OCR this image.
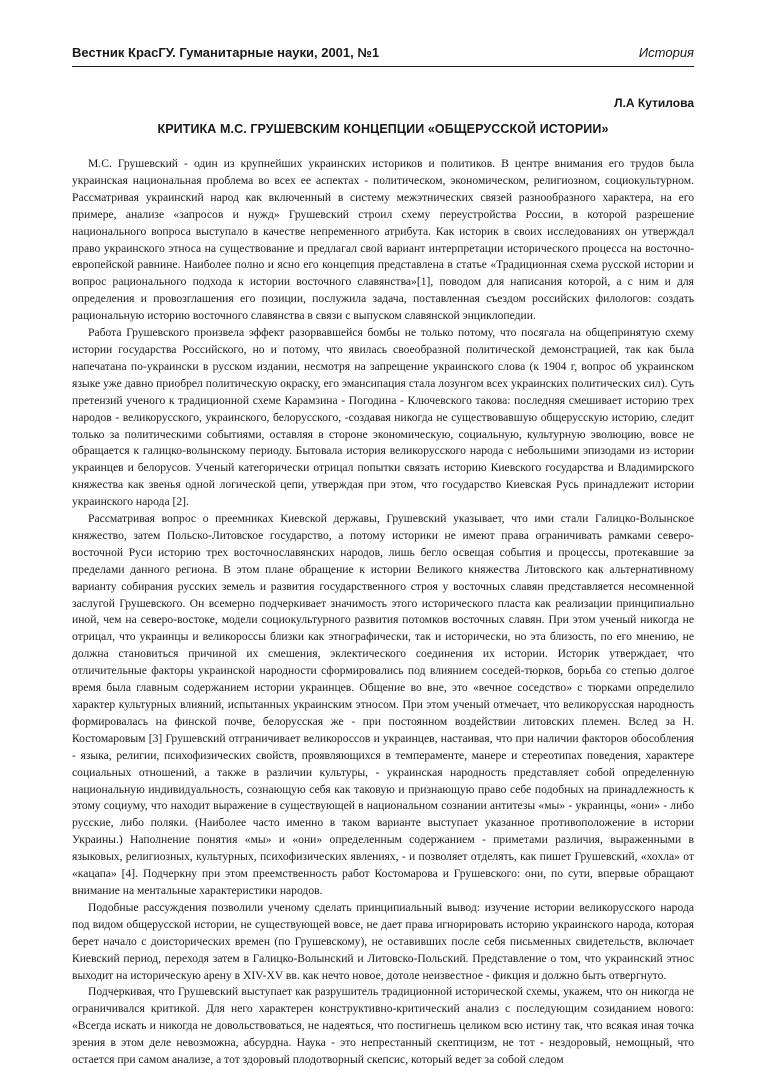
Вестник КрасГУ. Гуманитарные науки, 2001, №1	История
Л.А Кутилова
КРИТИКА М.С. ГРУШЕВСКИМ КОНЦЕПЦИИ «ОБЩЕРУССКОЙ ИСТОРИИ»

М.С. Грушевский - один из крупнейших украинских историков и политиков. В центре внимания его трудов была украинская национальная проблема во всех ее аспектах - политическом, экономическом, религиозном, социокультурном. Рассматривая украинский народ как включенный в систему межэтнических связей разнообразного характера, на его примере, анализе «запросов и нужд» Грушевский строил схему переустройства России, в которой разрешение национального вопроса выступало в качестве непременного атрибута. Как историк в своих исследованиях он утверждал право украинского этноса на существование и предлагал свой вариант интерпретации исторического процесса на восточно-европейской равнине. Наиболее полно и ясно его концепция представлена в статье «Традиционная схема русской истории и вопрос рационального подхода к истории восточного славянства»[1], поводом для написания которой, а с ним и для определения и провозглашения его позиции, послужила задача, поставленная съездом российских филологов: создать рациональную историю восточного славянства в связи с выпуском славянской энциклопедии.

Работа Грушевского произвела эффект разорвавшейся бомбы не только потому, что посягала на общепринятую схему истории государства Российского, но и потому, что явилась своеобразной политической демонстрацией, так как была напечатана по-украински в русском издании, несмотря на запрещение украинского слова (к 1904 г, вопрос об украинском языке уже давно приобрел политическую окраску, его эмансипация стала лозунгом всех украинских политических сил). Суть претензий ученого к традиционной схеме Карамзина - Погодина - Ключевского такова: последняя смешивает историю трех народов - великорусского, украинского, белорусского, -создавая никогда не существовавшую общерусскую историю, следит только за политическими событиями, оставляя в стороне экономическую, социальную, культурную эволюцию, вовсе не обращается к галицко-волынскому периоду. Бытовала история великорусского народа с небольшими эпизодами из истории украинцев и белорусов. Ученый категорически отрицал попытки связать историю Киевского государства и Владимирского княжества как звенья одной логической цепи, утверждая при этом, что государство Киевская Русь принадлежит истории украинского народа [2].

Рассматривая вопрос о преемниках Киевской державы, Грушевский указывает, что ими стали Галицко-Волынское княжество, затем Польско-Литовское государство, а потому историки не имеют права ограничивать рамками северо-восточной Руси историю трех восточнославянских народов, лишь бегло освещая события и процессы, протекавшие за пределами данного региона. В этом плане обращение к истории Великого княжества Литовского как альтернативному варианту собирания русских земель и развития государственного строя у восточных славян представляется несомненной заслугой Грушевского. Он всемерно подчеркивает значимость этого исторического пласта как реализации принципиально иной, чем на северо-востоке, модели социокультурного развития потомков восточных славян. При этом ученый никогда не отрицал, что украинцы и великороссы близки как этнографически, так и исторически, но эта близость, по его мнению, не должна становиться причиной их смешения, эклектического соединения их истории. Историк утверждает, что отличительные факторы украинской народности сформировались под влиянием соседей-тюрков, борьба со степью долгое время была главным содержанием истории украинцев. Общение во вне, это «вечное соседство» с тюрками определило характер культурных влияний, испытанных украинским этносом. При этом ученый отмечает, что великорусская народность формировалась на финской почве, белорусская же - при постоянном воздействии литовских племен. Вслед за Н. Костомаровым [3] Грушевский отграничивает великороссов и украинцев, настаивая, что при наличии факторов обособления - языка, религии, психофизических свойств, проявляющихся в темпераменте, манере и стереотипах поведения, характере социальных отношений, а также в различии культуры, - украинская народность представляет собой определенную национальную индивидуальность, сознающую себя как таковую и признающую право себе подобных на принадлежность к этому социуму, что находит выражение в существующей в национальном сознании антитезы «мы» - украинцы, «они» - либо русские, либо поляки. (Наиболее часто именно в таком варианте выступает указанное противоположение в истории Украины.) Наполнение понятия «мы» и «они» определенным содержанием - приметами различия, выраженными в языковых, религиозных, культурных, психофизических явлениях, - и позволяет отделять, как пишет Грушевский, «хохла» от «кацапа» [4]. Подчеркну при этом преемственность работ Костомарова и Грушевского: они, по сути, впервые обращают внимание на ментальные характеристики народов.

Подобные рассуждения позволили ученому сделать принципиальный вывод: изучение истории великорусского народа под видом общерусской истории, не существующей вовсе, не дает права игнорировать историю украинского народа, которая берет начало с доисторических времен (по Грушевскому), не оставивших после себя письменных свидетельств, включает Киевский период, переходя затем в Галицко-Волынский и Литовско-Польский. Представление о том, что украинский этнос выходит на историческую арену в XIV-XV вв. как нечто новое, дотоле неизвестное - фикция и должно быть отвергнуто.

Подчеркивая, что Грушевский выступает как разрушитель традиционной исторической схемы, укажем, что он никогда не ограничивался критикой. Для него характерен конструктивно-критический анализ с последующим созиданием нового: «Всегда искать и никогда не довольствоваться, не надеяться, что постигнешь целиком всю истину так, что всякая иная точка зрения в этом деле невозможна, абсурдна. Наука - это непрестанный скептицизм, не тот - нездоровый, немощный, что остается при самом анализе, а тот здоровый плодотворный скепсис, который ведет за собой следом
